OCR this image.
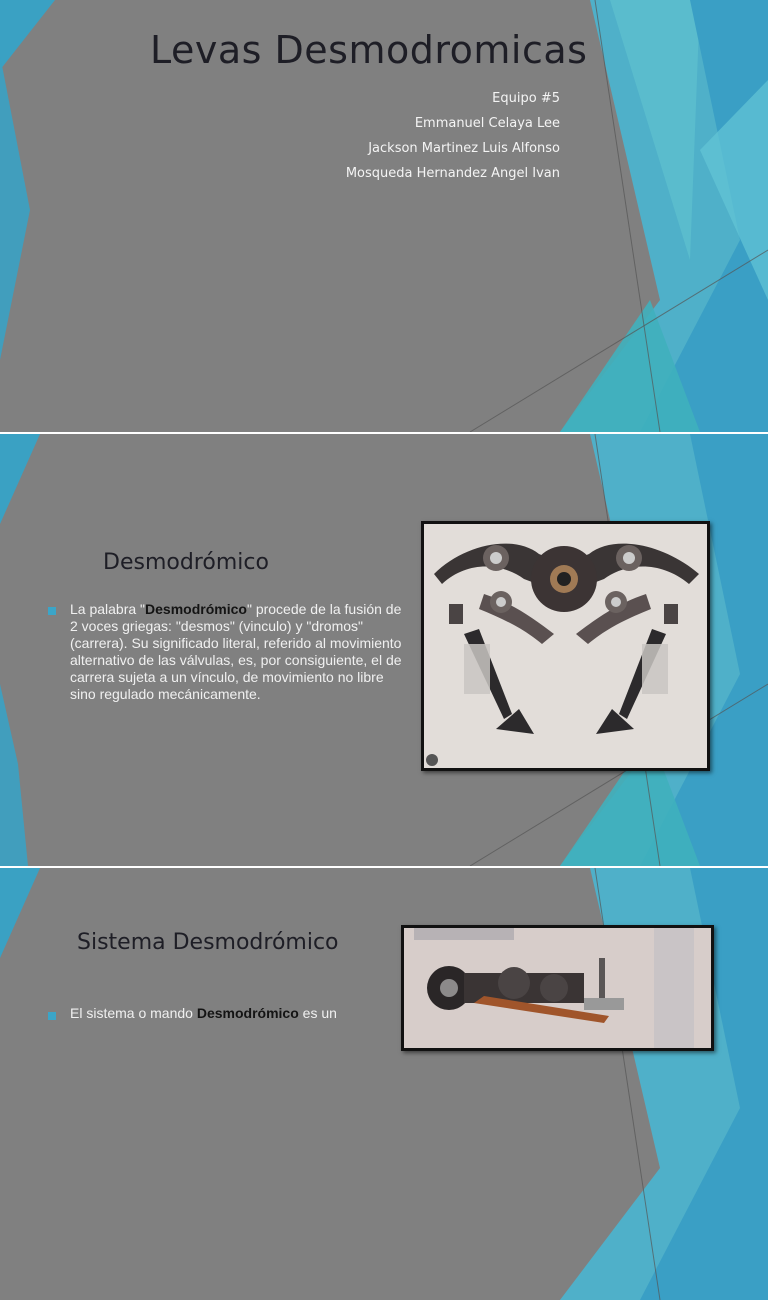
Levas Desmodromicas
Equipo #5
Emmanuel Celaya Lee
Jackson Martinez Luis Alfonso
Mosqueda Hernandez Angel Ivan
Desmodrómico
La palabra "Desmodrómico" procede de la fusión de 2 voces griegas: "desmos" (vinculo) y "dromos" (carrera). Su significado literal, referido al movimiento alternativo de las válvulas, es, por consiguiente, el de carrera sujeta a un vínculo, de movimiento no libre sino regulado mecánicamente.
Sistema Desmodrómico
El sistema o mando Desmodrómico es un
